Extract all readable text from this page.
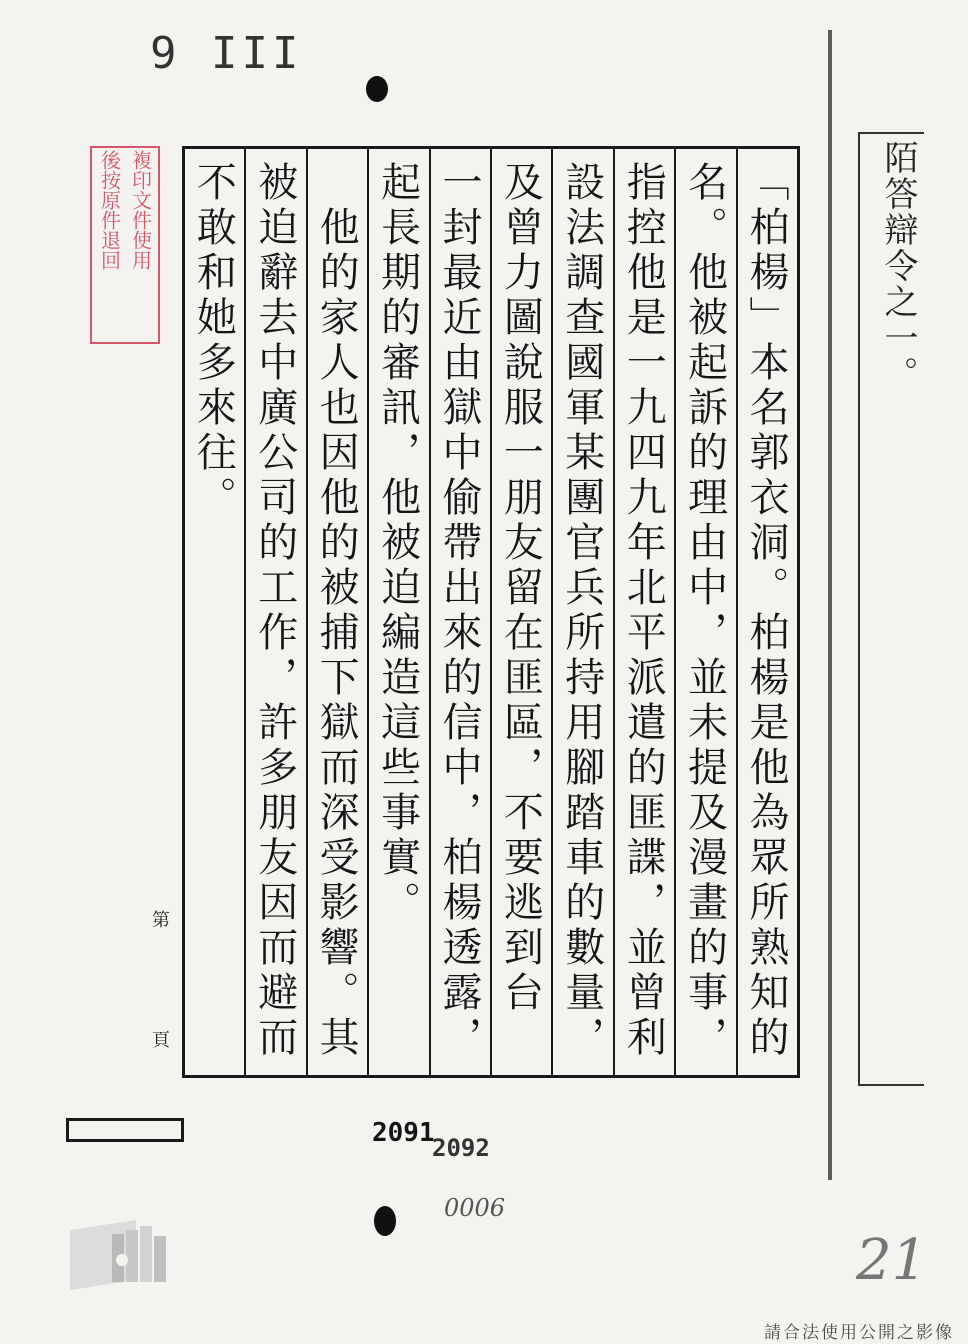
9 III
陌答辯令之一。
複印文件使用
後按原件退回	「柏楊」本名郭衣洞。柏楊是他為眾所熟知的
名。他被起訴的理由中，並未提及漫畫的事，
指控他是一九四九年北平派遣的匪諜，並曾利
設法調查國軍某團官兵所持用腳踏車的數量，
及曾力圖說服一朋友留在匪區，不要逃到台
一封最近由獄中偷帶出來的信中，柏楊透露，
起長期的審訊，他被迫編造這些事實。
　他的家人也因他的被捕下獄而深受影響。其
被迫辭去中廣公司的工作，許多朋友因而避而
不敢和她多來往。
第
頁
2091
2092
0006
21
請合法使用公開之影像
